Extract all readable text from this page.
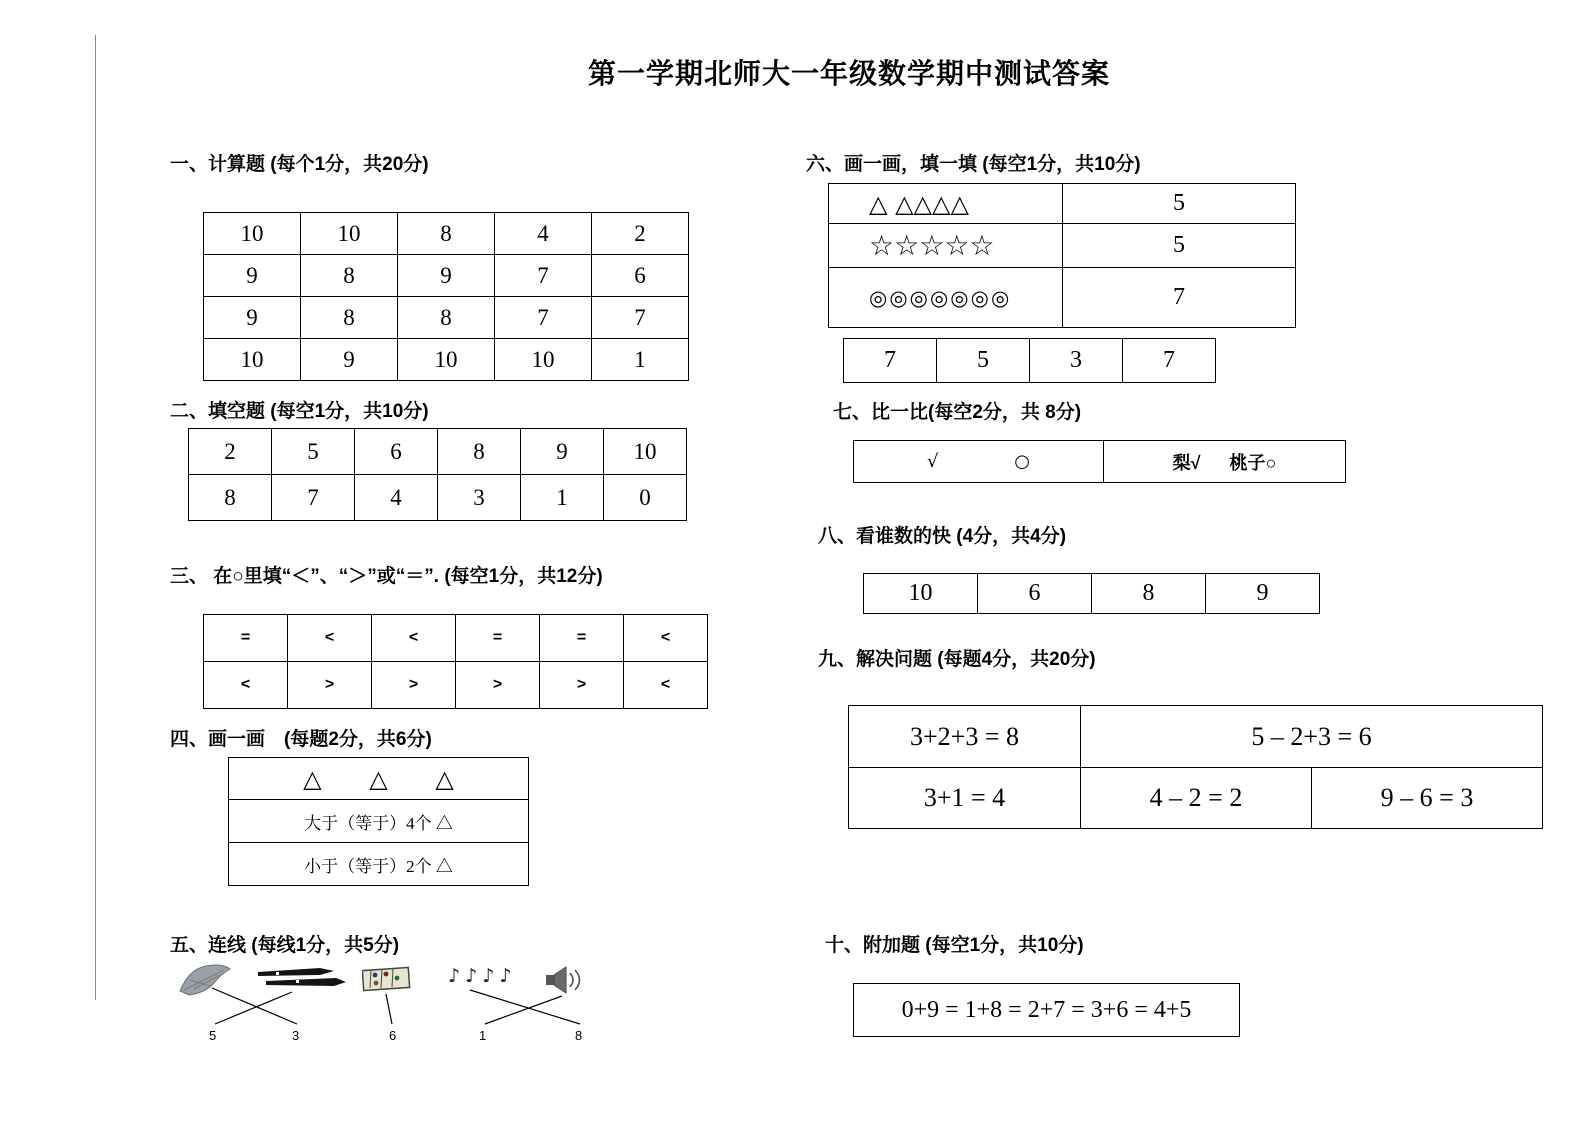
第一学期北师大一年级数学期中测试答案
一、计算题 (每个1分，共20分)
10	10	8	4	2
9	8	9	7	6
9	8	8	7	7
10	9	10	10	1
二、填空题 (每空1分，共10分)
2	5	6	8	9	10
8	7	4	3	1	0
三、 在○里填“＜”、“＞”或“＝”. (每空1分，共12分)
=	<	<	=	=	<
<	>	>	>	>	<
四、画一画　(每题2分，共6分)
△ △ △
大于（等于）4个 △
小于（等于）2个 △
五、连线 (每线1分，共5分)
♪♪♪♪
5	3	6	1	8
六、画一画，填一填 (每空1分，共10分)
△ △△△△	5
☆☆☆☆☆	5
◎◎◎◎◎◎◎	7
7	5	3	7
七、比一比(每空2分，共 8分)
√ ○	梨√ 桃子○
八、看谁数的快 (4分，共4分)
10	6	8	9
九、解决问题 (每题4分，共20分)
3+2+3 = 8	5 – 2+3 = 6	
3+1 = 4	4 – 2 = 2	9 – 6 = 3
十、附加题 (每空1分，共10分)
0+9 = 1+8 = 2+7 = 3+6 = 4+5
